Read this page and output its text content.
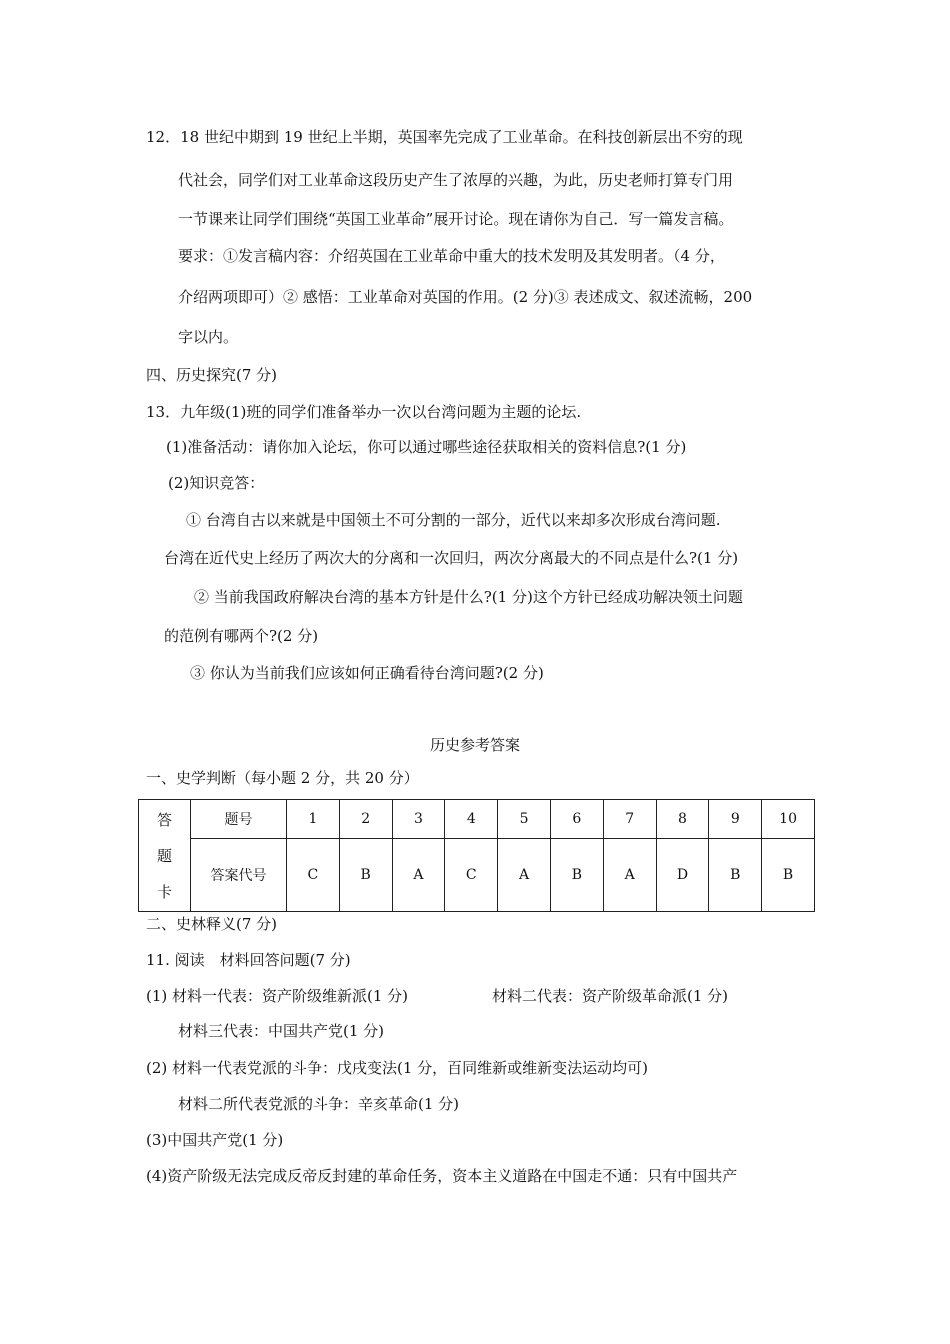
12．18 世纪中期到 19 世纪上半期，英国率先完成了工业革命。在科技创新层出不穷的现
代社会，同学们对工业革命这段历史产生了浓厚的兴趣，为此，历史老师打算专门用
一节课来让同学们围绕“英国工业革命”展开讨论。现在请你为自己．写一篇发言稿。
要求：①发言稿内容：介绍英国在工业革命中重大的技术发明及其发明者。（4 分，
介绍两项即可）② 感悟：工业革命对英国的作用。(2 分)③ 表述成文、叙述流畅，200
字以内。
四、历史探究(7 分)
13．九年级(1)班的同学们准备举办一次以台湾问题为主题的论坛.
(1)准备活动：请你加入论坛，你可以通过哪些途径获取相关的资料信息?(1 分)
(2)知识竞答：
① 台湾自古以来就是中国领土不可分割的一部分，近代以来却多次形成台湾问题.
台湾在近代史上经历了两次大的分离和一次回归，两次分离最大的不同点是什么?(1 分)
② 当前我国政府解决台湾的基本方针是什么?(1 分)这个方针已经成功解决领土问题
的范例有哪两个?(2 分)
③ 你认为当前我们应该如何正确看待台湾问题?(2 分)
历史参考答案
一、史学判断（每小题 2 分，共 20 分）
答
题
卡	题号	1	2	3	4	5	6	7	8	9	10
	答案代号	C	B	A	C	A	B	A	D	B	B
二、史林释义(7 分)
11. 阅读　材料回答问题(7 分)
(1) 材料一代表：资产阶级维新派(1 分)	材料二代表：资产阶级革命派(1 分)
材料三代表：中国共产党(1 分)
(2) 材料一代表党派的斗争：戊戌变法(1 分，百同维新或维新变法运动均可)
材料二所代表党派的斗争：辛亥革命(1 分)
(3)中国共产党(1 分)
(4)资产阶级无法完成反帝反封建的革命任务，资本主义道路在中国走不通：只有中国共产
